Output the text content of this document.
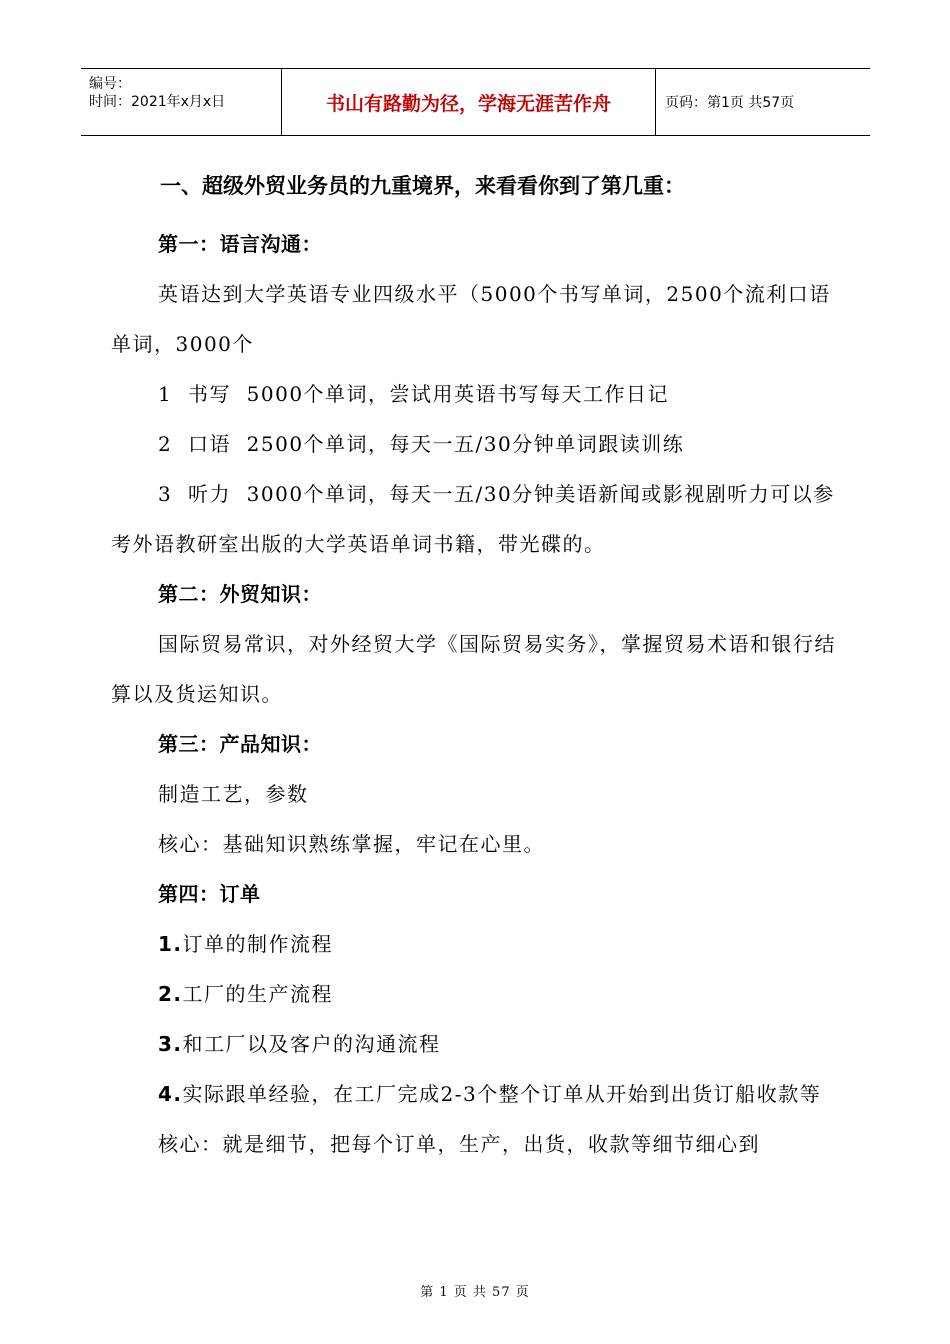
编号：
时间：2021年x月x日	书山有路勤为径，学海无涯苦作舟	页码：第1页 共57页
一、超级外贸业务员的九重境界，来看看你到了第几重：

第一：语言沟通：

英语达到大学英语专业四级水平（5000个书写单词，2500个流利口语单词，3000个

1  书写  5000个单词，尝试用英语书写每天工作日记

2  口语  2500个单词，每天一五/30分钟单词跟读训练

3  听力  3000个单词，每天一五/30分钟美语新闻或影视剧听力可以参考外语教研室出版的大学英语单词书籍，带光碟的。

第二：外贸知识：

国际贸易常识，对外经贸大学《国际贸易实务》，掌握贸易术语和银行结算以及货运知识。

第三：产品知识：

制造工艺，参数

核心：基础知识熟练掌握，牢记在心里。

第四：订单

1.订单的制作流程

2.工厂的生产流程

3.和工厂以及客户的沟通流程

4.实际跟单经验，在工厂完成2-3个整个订单从开始到出货订船收款等

核心：就是细节，把每个订单，生产，出货，收款等细节细心到

第 1 页 共 57 页
